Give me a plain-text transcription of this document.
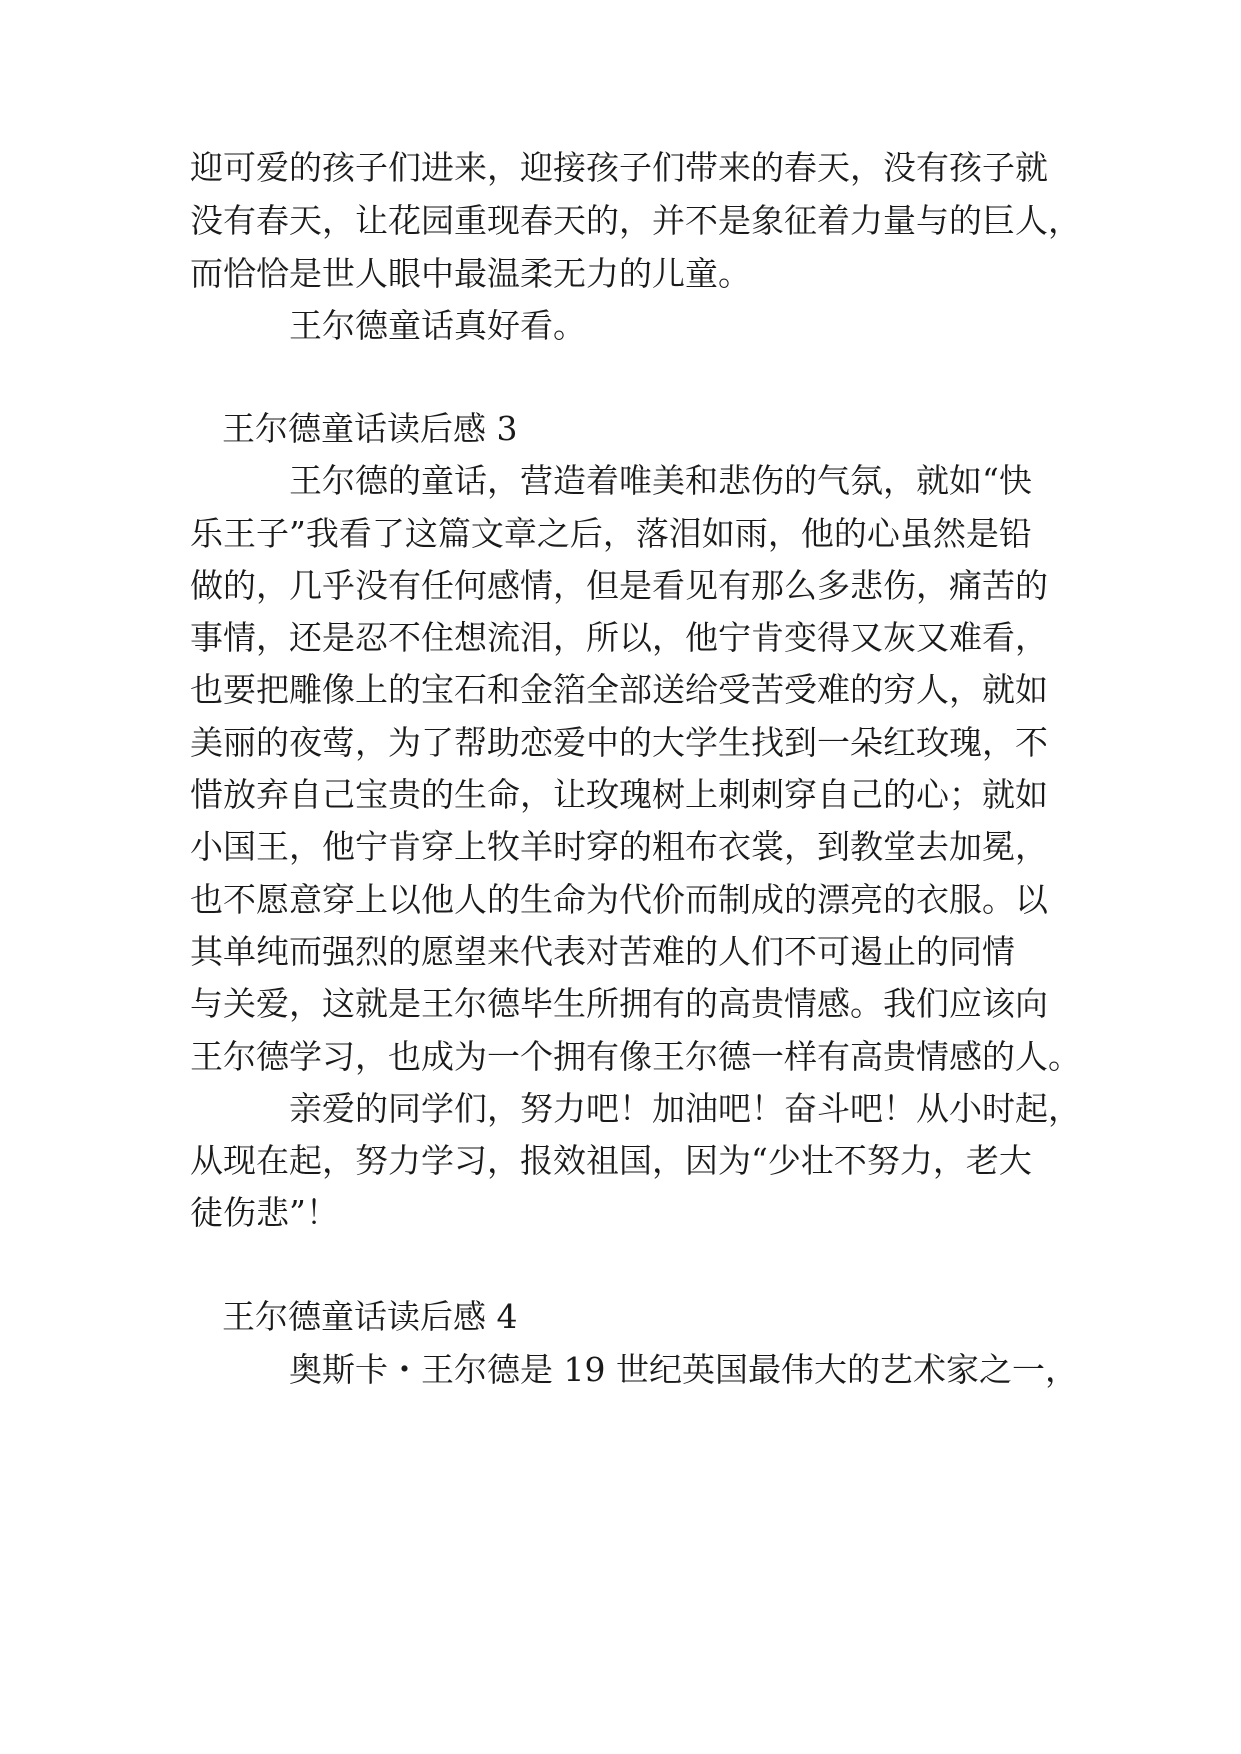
迎可爱的孩子们进来，迎接孩子们带来的春天，没有孩子就
没有春天，让花园重现春天的，并不是象征着力量与的巨人，
而恰恰是世人眼中最温柔无力的儿童。
王尔德童话真好看。
王尔德童话读后感 3
王尔德的童话，营造着唯美和悲伤的气氛，就如“快
乐王子”我看了这篇文章之后，落泪如雨，他的心虽然是铅
做的，几乎没有任何感情，但是看见有那么多悲伤，痛苦的
事情，还是忍不住想流泪，所以，他宁肯变得又灰又难看，
也要把雕像上的宝石和金箔全部送给受苦受难的穷人，就如
美丽的夜莺，为了帮助恋爱中的大学生找到一朵红玫瑰，不
惜放弃自己宝贵的生命，让玫瑰树上刺刺穿自己的心；就如
小国王，他宁肯穿上牧羊时穿的粗布衣裳，到教堂去加冕，
也不愿意穿上以他人的生命为代价而制成的漂亮的衣服。以
其单纯而强烈的愿望来代表对苦难的人们不可遏止的同情
与关爱，这就是王尔德毕生所拥有的高贵情感。我们应该向
王尔德学习，也成为一个拥有像王尔德一样有高贵情感的人。
亲爱的同学们，努力吧！加油吧！奋斗吧！从小时起，
从现在起，努力学习，报效祖国，因为“少壮不努力，老大
徒伤悲”！
王尔德童话读后感 4
奥斯卡・王尔德是 19 世纪英国最伟大的艺术家之一，
